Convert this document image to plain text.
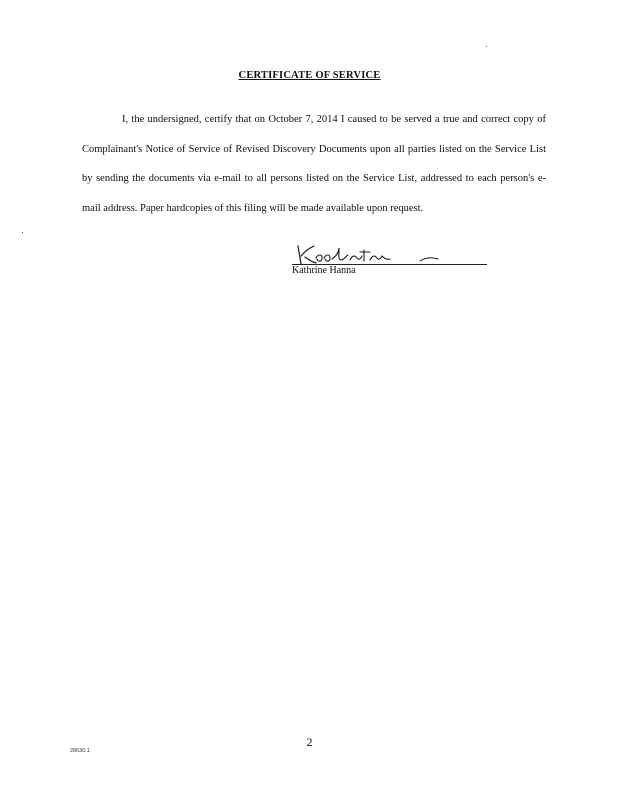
CERTIFICATE OF SERVICE
I, the undersigned, certify that on October 7, 2014 I caused to be served a true and correct copy of Complainant's Notice of Service of Revised Discovery Documents upon all parties listed on the Service List by sending the documents via e-mail to all persons listed on the Service List, addressed to each person's e-mail address. Paper hardcopies of this filing will be made available upon request.
Kathrine Hanna
2
28630.1
